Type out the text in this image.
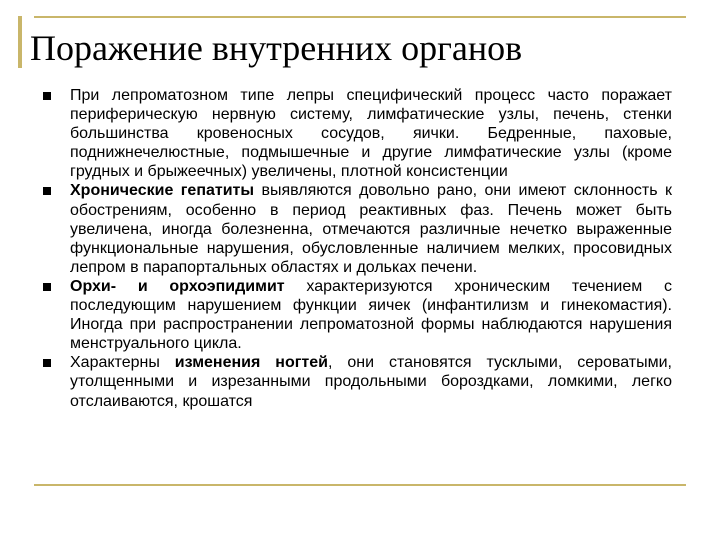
Поражение внутренних органов
При лепроматозном типе лепры специфический процесс часто поражает периферическую нервную систему, лимфатические узлы, печень, стенки большинства кровеносных сосудов, яички. Бедренные, паховые, поднижнечелюстные, подмышечные и другие лимфатические узлы (кроме грудных и брыжеечных) увеличены, плотной консистенции
Хронические гепатиты выявляются довольно рано, они имеют склонность к обострениям, особенно в период реактивных фаз. Печень может быть увеличена, иногда болезненна, отмечаются различные нечетко выраженные функциональные нарушения, обусловленные наличием мелких, просовидных лепром в парапортальных областях и дольках печени.
Орхи- и орхоэпидимит характеризуются хроническим течением с последующим нарушением функции яичек (инфантилизм и гинекомастия). Иногда при распространении лепроматозной формы наблюдаются нарушения менструального цикла.
Характерны изменения ногтей, они становятся тусклыми, сероватыми, утолщенными и изрезанными продольными бороздками, ломкими, легко отслаиваются, крошатся
